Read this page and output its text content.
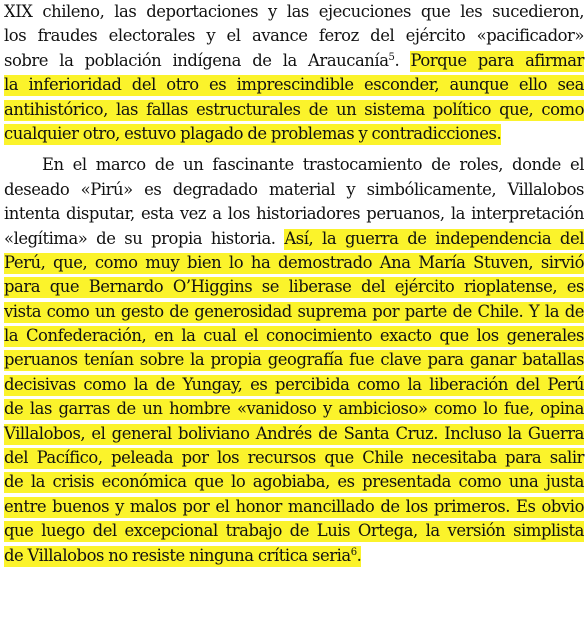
XIX chileno, las deportaciones y las ejecuciones que les sucedieron,
los fraudes electorales y el avance feroz del ejército «pacificador»
sobre la población indígena de la Araucanía$^5$. Porque para afirmar
la inferioridad del otro es imprescindible esconder, aunque ello sea
antihistórico, las fallas estructurales de un sistema político que, como
cualquier otro, estuvo plagado de problemas y contradicciones.
En el marco de un fascinante trastocamiento de roles, donde el
deseado «Pirú» es degradado material y simbólicamente, Villalobos
intenta disputar, esta vez a los historiadores peruanos, la interpretación
«legítima» de su propia historia. Así, la guerra de independencia del
Perú, que, como muy bien lo ha demostrado Ana María Stuven, sirvió
para que Bernardo O’Higgins se liberase del ejército rioplatense, es
vista como un gesto de generosidad suprema por parte de Chile. Y la de
la Confederación, en la cual el conocimiento exacto que los generales
peruanos tenían sobre la propia geografía fue clave para ganar batallas
decisivas como la de Yungay, es percibida como la liberación del Perú
de las garras de un hombre «vanidoso y ambicioso» como lo fue, opina
Villalobos, el general boliviano Andrés de Santa Cruz. Incluso la Guerra
del Pacífico, peleada por los recursos que Chile necesitaba para salir
de la crisis económica que lo agobiaba, es presentada como una justa
entre buenos y malos por el honor mancillado de los primeros. Es obvio
que luego del excepcional trabajo de Luis Ortega, la versión simplista
de Villalobos no resiste ninguna crítica seria$^6$.
